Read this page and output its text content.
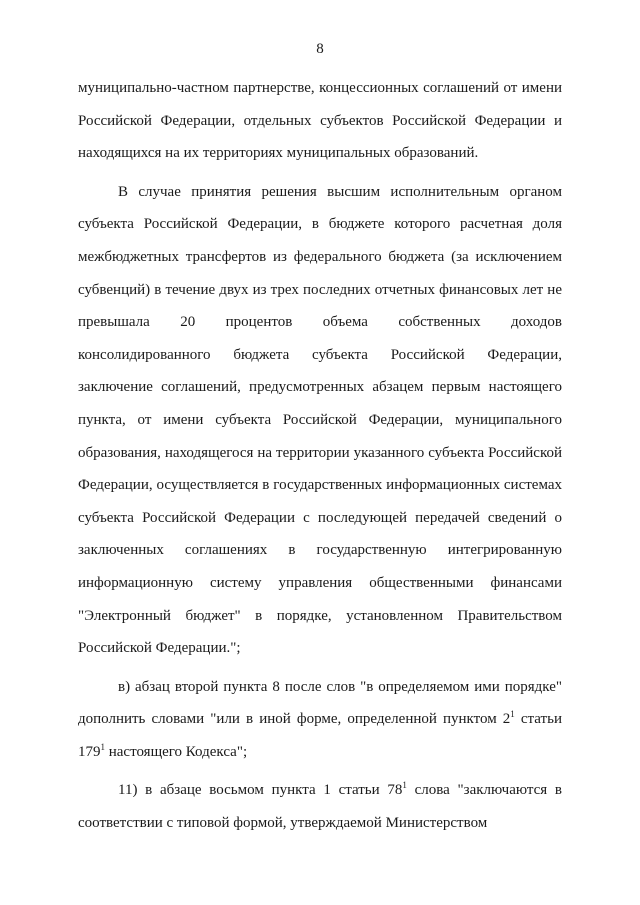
8

муниципально-частном партнерстве, концессионных соглашений от имени Российской Федерации, отдельных субъектов Российской Федерации и находящихся на их территориях муниципальных образований.

В случае принятия решения высшим исполнительным органом субъекта Российской Федерации, в бюджете которого расчетная доля межбюджетных трансфертов из федерального бюджета (за исключением субвенций) в течение двух из трех последних отчетных финансовых лет не превышала 20 процентов объема собственных доходов консолидированного бюджета субъекта Российской Федерации, заключение соглашений, предусмотренных абзацем первым настоящего пункта, от имени субъекта Российской Федерации, муниципального образования, находящегося на территории указанного субъекта Российской Федерации, осуществляется в государственных информационных системах субъекта Российской Федерации с последующей передачей сведений о заключенных соглашениях в государственную интегрированную информационную систему управления общественными финансами "Электронный бюджет" в порядке, установленном Правительством Российской Федерации.";

в) абзац второй пункта 8 после слов "в определяемом ими порядке" дополнить словами "или в иной форме, определенной пунктом $2^1$ статьи $179^1$ настоящего Кодекса";

11) в абзаце восьмом пункта 1 статьи $78^1$ слова "заключаются в соответствии с типовой формой, утверждаемой Министерством
